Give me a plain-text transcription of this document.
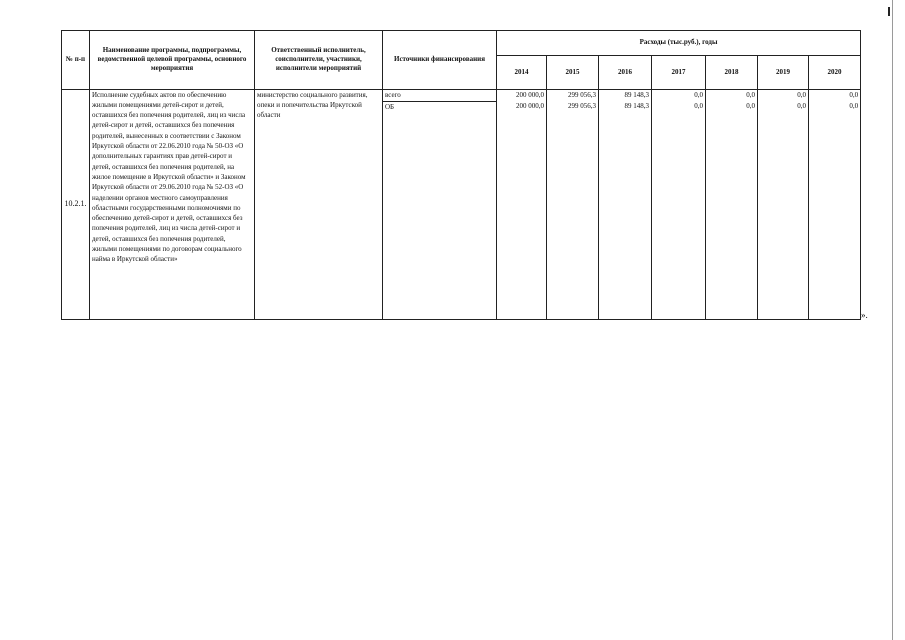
№ п-п	Наименование программы, подпрограммы, ведомственной целевой программы, основного мероприятия	Ответственный исполнитель, соисполнители, участники, исполнители мероприятий	Источники финансирования	Расходы (тыс.руб.), годы						
				2014	2015	2016	2017	2018	2019	2020
10.2.1.	Исполнение судебных актов по обеспечению жилыми помещениями детей-сирот и детей, оставшихся без попечения родителей, лиц из числа детей-сирот и детей, оставшихся без попечения родителей, вынесенных в соответствии с Законом Иркутской области от 22.06.2010 года № 50-ОЗ «О дополнительных гарантиях прав детей-сирот и детей, оставшихся без попечения родителей, на жилое помещение в Иркутской области» и Законом Иркутской области от 29.06.2010 года № 52-ОЗ «О наделении органов местного самоуправления областными государственными полномочиями по обеспечению детей-сирот и детей, оставшихся без попечения родителей, лиц из числа детей-сирот и детей, оставшихся без попечения родителей, жилыми помещениями по договорам социального найма в Иркутской области»	министерство социального развития, опеки и попечительства Иркутской области	всего	200 000,0	299 056,3	89 148,3	0,0	0,0	0,0	0,0
			ОБ	200 000,0	299 056,3	89 148,3	0,0	0,0	0,0	0,0
».
